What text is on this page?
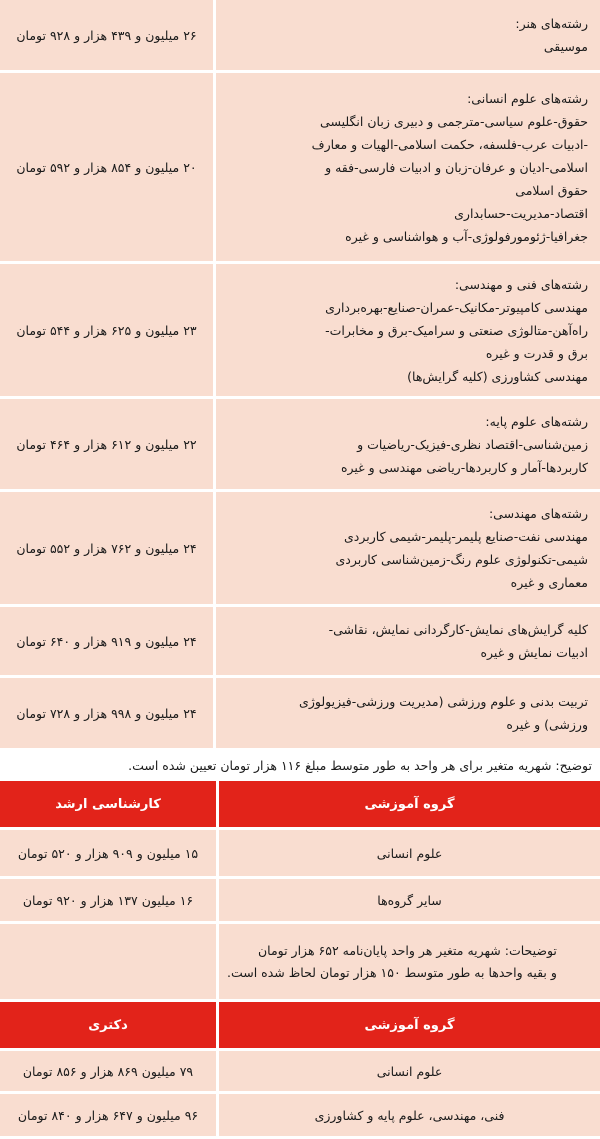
رشته‌های هنر:
موسیقی
۲۶ میلیون و ۴۳۹ هزار و ۹۲۸ تومان
رشته‌های علوم انسانی:
حقوق-علوم سیاسی-مترجمی و دبیری زبان انگلیسی
-ادبیات عرب-فلسفه، حکمت اسلامی-الهیات و معارف
اسلامی-ادیان و عرفان-زبان و ادبیات فارسی-فقه و
حقوق اسلامی
اقتصاد-مدیریت-حسابداری
جغرافیا-ژئومورفولوژی-آب و هواشناسی و غیره
۲۰ میلیون و ۸۵۴ هزار و ۵۹۲ تومان
رشته‌های فنی و مهندسی:
مهندسی کامپیوتر-مکانیک-عمران-صنایع-بهره‌برداری
راه‌آهن-متالوژی صنعتی و سرامیک-برق و مخابرات-
برق و قدرت و غیره
مهندسی کشاورزی (کلیه گرایش‌ها)
۲۳ میلیون و ۶۲۵ هزار و ۵۴۴ تومان
رشته‌های علوم پایه:
زمین‌شناسی-اقتصاد نظری-فیزیک-ریاضیات و
کاربردها-آمار و کاربردها-ریاضی مهندسی و غیره
۲۲ میلیون و ۶۱۲ هزار و ۴۶۴ تومان
رشته‌های مهندسی:
مهندسی نفت-صنایع پلیمر-پلیمر-شیمی کاربردی
شیمی-تکنولوژی علوم رنگ-زمین‌شناسی کاربردی
معماری و غیره
۲۴ میلیون و ۷۶۲ هزار و ۵۵۲ تومان
کلیه گرایش‌های نمایش-کارگردانی نمایش، نقاشی-
ادبیات نمایش و غیره
۲۴ میلیون و ۹۱۹ هزار و ۶۴۰ تومان
تربیت بدنی و علوم ورزشی (مدیریت ورزشی-فیزیولوژی
ورزشی) و غیره
۲۴ میلیون و ۹۹۸ هزار و ۷۲۸ تومان
توضیح: شهریه متغیر برای هر واحد به طور متوسط مبلغ ۱۱۶ هزار تومان تعیین شده است.
گروه آموزشی
کارشناسی ارشد
علوم انسانی
۱۵ میلیون و ۹۰۹ هزار و ۵۲۰ تومان
سایر گروه‌ها
۱۶ میلیون ۱۳۷ هزار و ۹۲۰ تومان
توضیحات: شهریه متغیر هر واحد پایان‌نامه ۶۵۲ هزار تومان
و بقیه واحدها به طور متوسط ۱۵۰ هزار تومان لحاظ شده است.
گروه آموزشی
دکتری
علوم انسانی
۷۹ میلیون ۸۶۹ هزار و ۸۵۶ تومان
فنی، مهندسی، علوم پایه و کشاورزی
۹۶ میلیون و ۶۴۷ هزار و ۸۴۰ تومان
